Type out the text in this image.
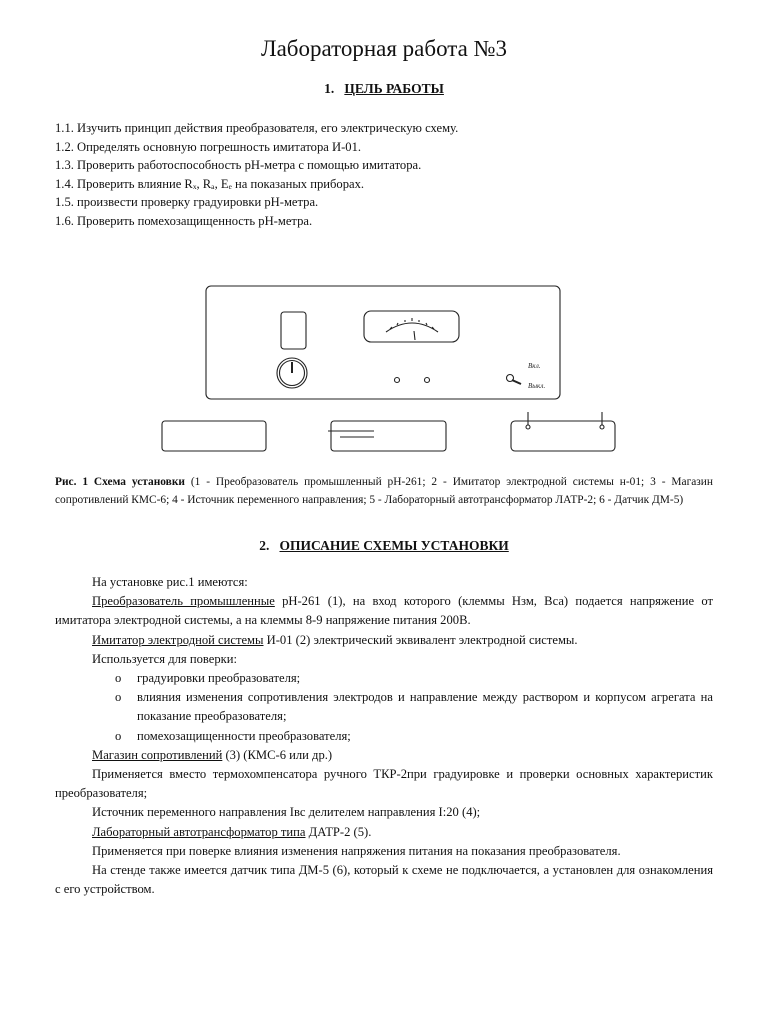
Лабораторная работа №3
1. ЦЕЛЬ РАБОТЫ
1.1. Изучить принцип действия преобразователя, его электрическую схему.
1.2. Определять основную погрешность имитатора И-01.
1.3. Проверить работоспособность рН-метра с помощью имитатора.
1.4. Проверить влияние Rₓ, Rₐ, Eₑ на показаных приборах.
1.5. произвести проверку градуировки рН-метра.
1.6. Проверить помехозащищенность рН-метра.
Вкл.
Выкл.
Рис. 1 Схема установки (1 - Преобразователь промышленный рН-261; 2 - Имитатор электродной системы н-01; 3 - Магазин сопротивлений КМС-6; 4 - Источник переменного направления; 5 - Лабораторный автотрансформатор ЛАТР-2; 6 - Датчик ДМ-5)
2. ОПИСАНИЕ СХЕМЫ УСТАНОВКИ

На установке рис.1 имеются:

Преобразователь промышленные рН-261 (1), на вход которого (клеммы Нзм, Вса) подается напряжение от имитатора электродной системы, а на клеммы 8-9 напряжение питания 200В.

Имитатор электродной системы И-01 (2) электрический эквивалент электродной системы.

Используется для поверки:

o градуировки преобразователя;
o влияния изменения сопротивления электродов и направление между раствором и корпусом агрегата на показание преобразователя;
o помехозащищенности преобразователя;

Магазин сопротивлений (3) (КМС-6 или др.)

Применяется вместо термохомпенсатора ручного ТКР-2при градуировке и проверки основных характеристик преобразователя;

Источник переменного направления Iвс делителем направления I:20 (4);

Лабораторный автотрансформатор типа ДАТР-2 (5).

Применяется при поверке влияния изменения напряжения питания на показания преобразователя.

На стенде также имеется датчик типа ДМ-5 (6), который к схеме не подключается, а установлен для ознакомления с его устройством.
